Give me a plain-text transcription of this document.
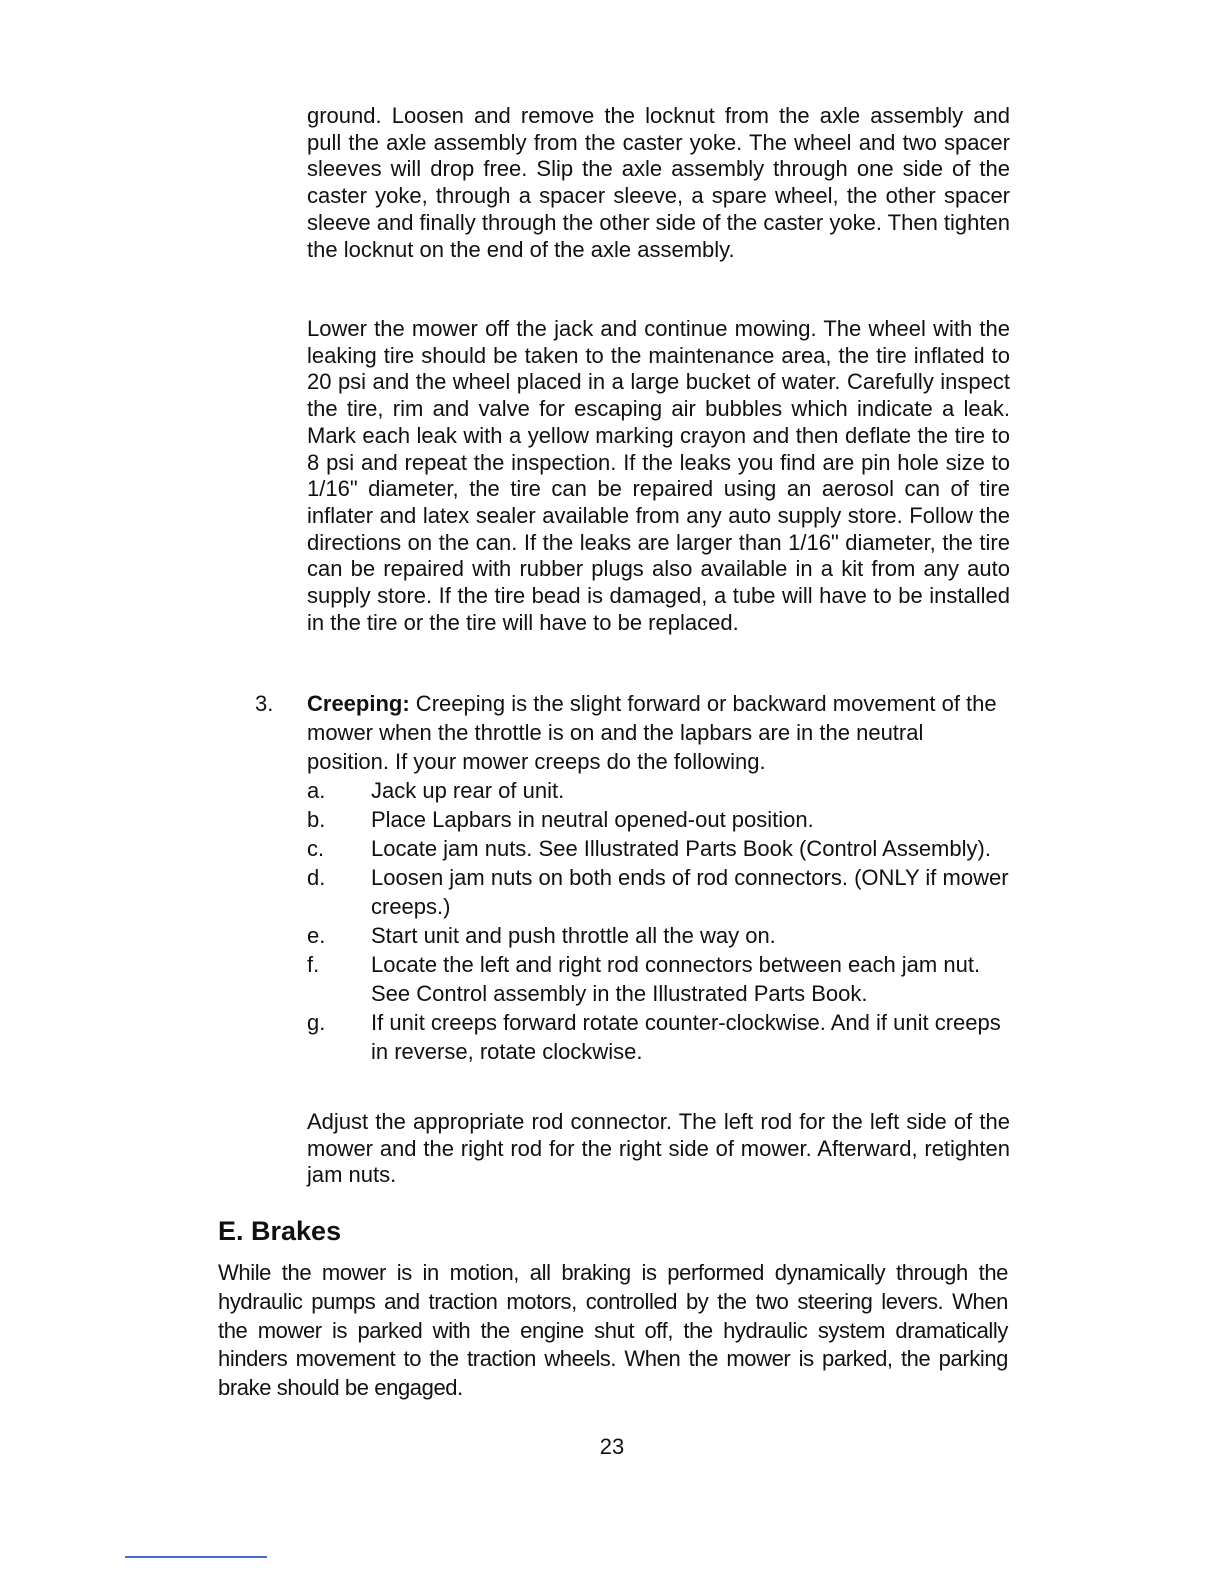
ground. Loosen and remove the locknut from the axle assembly and pull the axle assembly from the caster yoke. The wheel and two spacer sleeves will drop free. Slip the axle assembly through one side of the caster yoke, through a spacer sleeve, a spare wheel, the other spacer sleeve and finally through the other side of the caster yoke. Then tighten the locknut on the end of the axle assembly.

Lower the mower off the jack and continue mowing. The wheel with the leaking tire should be taken to the maintenance area, the tire inflated to 20 psi and the wheel placed in a large bucket of water. Carefully inspect the tire, rim and valve for escaping air bubbles which indicate a leak. Mark each leak with a yellow marking crayon and then deflate the tire to 8 psi and repeat the inspection. If the leaks you find are pin hole size to 1/16" diameter, the tire can be repaired using an aerosol can of tire inflater and latex sealer available from any auto supply store. Follow the directions on the can. If the leaks are larger than 1/16" diameter, the tire can be repaired with rubber plugs also available in a kit from any auto supply store. If the tire bead is damaged, a tube will have to be installed in the tire or the tire will have to be replaced.

3. Creeping: Creeping is the slight forward or backward movement of the mower when the throttle is on and the lapbars are in the neutral position. If your mower creeps do the following.

a. Jack up rear of unit.
b. Place Lapbars in neutral opened-out position.
c. Locate jam nuts. See Illustrated Parts Book (Control Assembly).
d. Loosen jam nuts on both ends of rod connectors. (ONLY if mower creeps.)
e. Start unit and push throttle all the way on.
f. Locate the left and right rod connectors between each jam nut. See Control assembly in the Illustrated Parts Book.
g. If unit creeps forward rotate counter-clockwise. And if unit creeps in reverse, rotate clockwise.

Adjust the appropriate rod connector. The left rod for the left side of the mower and the right rod for the right side of mower. Afterward, retighten jam nuts.

E. Brakes

While the mower is in motion, all braking is performed dynamically through the hydraulic pumps and traction motors, controlled by the two steering levers. When the mower is parked with the engine shut off, the hydraulic system dramatically hinders movement to the traction wheels. When the mower is parked, the parking brake should be engaged.

23
